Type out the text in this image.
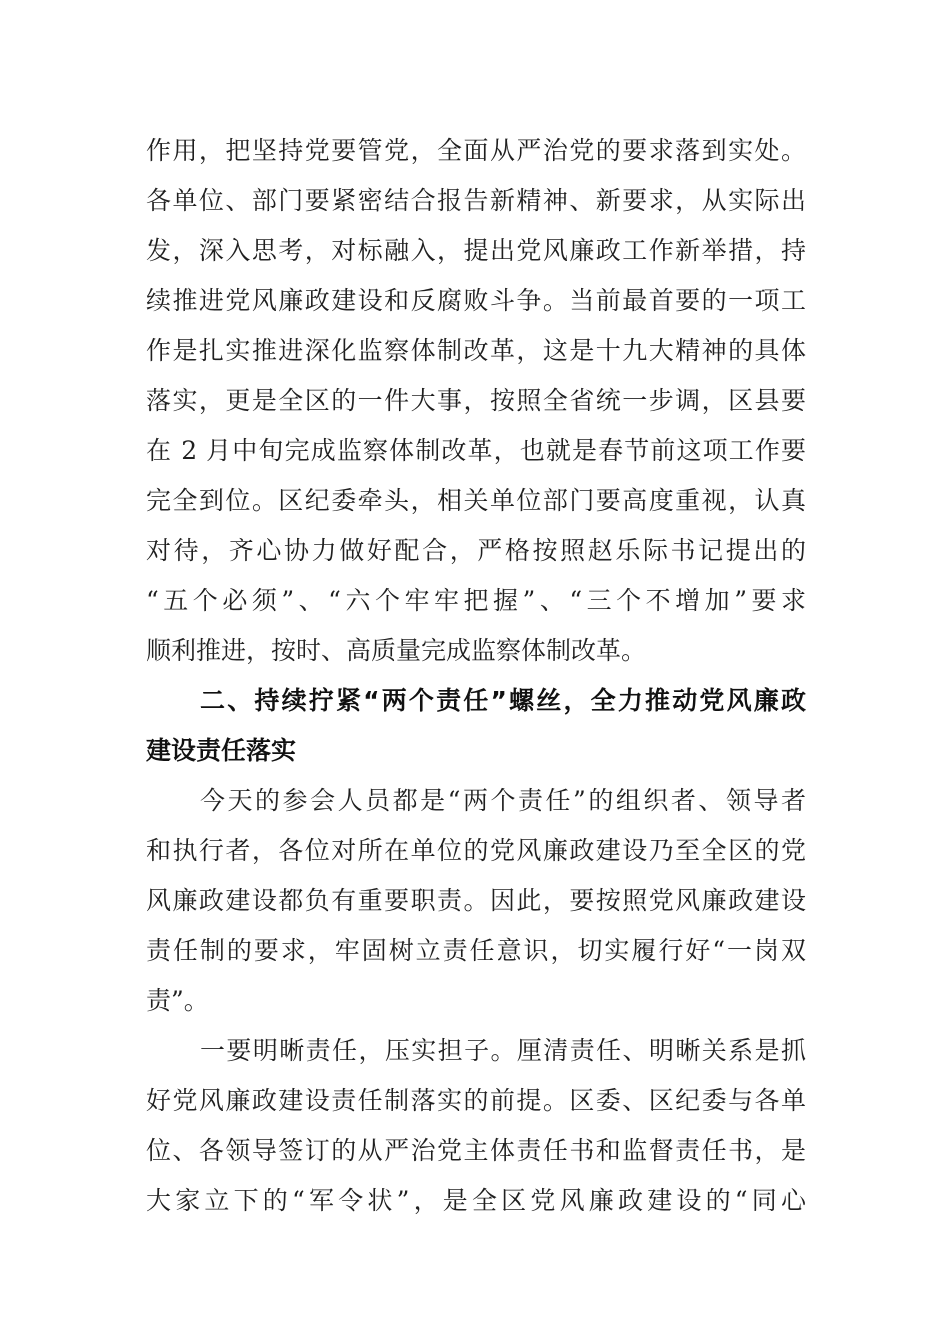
作用，把坚持党要管党，全面从严治党的要求落到实处。
各单位、部门要紧密结合报告新精神、新要求，从实际出
发，深入思考，对标融入，提出党风廉政工作新举措，持
续推进党风廉政建设和反腐败斗争。当前最首要的一项工
作是扎实推进深化监察体制改革，这是十九大精神的具体
落实，更是全区的一件大事，按照全省统一步调，区县要
在 2 月中旬完成监察体制改革，也就是春节前这项工作要
完全到位。区纪委牵头，相关单位部门要高度重视，认真
对待，齐心协力做好配合，严格按照赵乐际书记提出的
“五个必须”、“六个牢牢把握”、“三个不增加”要求
顺利推进，按时、高质量完成监察体制改革。
二、持续拧紧“两个责任”螺丝，全力推动党风廉政
建设责任落实
今天的参会人员都是“两个责任”的组织者、领导者
和执行者，各位对所在单位的党风廉政建设乃至全区的党
风廉政建设都负有重要职责。因此，要按照党风廉政建设
责任制的要求，牢固树立责任意识，切实履行好“一岗双
责”。
一要明晰责任，压实担子。厘清责任、明晰关系是抓
好党风廉政建设责任制落实的前提。区委、区纪委与各单
位、各领导签订的从严治党主体责任书和监督责任书，是
大家立下的“军令状”，是全区党风廉政建设的“同心
